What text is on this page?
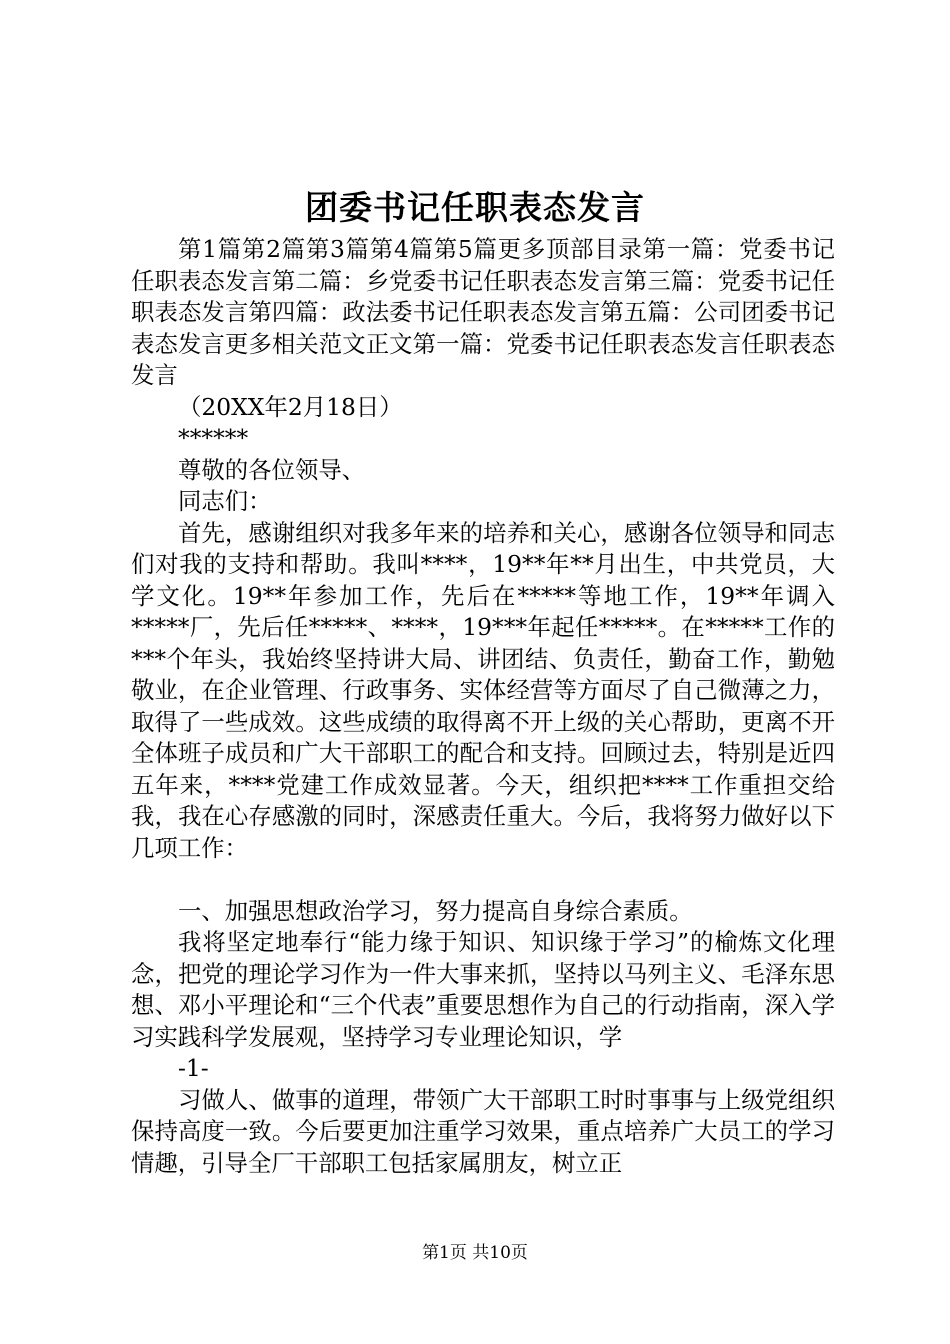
团委书记任职表态发言

第1篇第2篇第3篇第4篇第5篇更多顶部目录第一篇：党委书记任职表态发言第二篇：乡党委书记任职表态发言第三篇：党委书记任职表态发言第四篇：政法委书记任职表态发言第五篇：公司团委书记表态发言更多相关范文正文第一篇：党委书记任职表态发言任职表态发言

（20XX年2月18日）

******

尊敬的各位领导、

同志们：

首先，感谢组织对我多年来的培养和关心，感谢各位领导和同志们对我的支持和帮助。我叫****，19**年**月出生，中共党员，大学文化。19**年参加工作，先后在*****等地工作，19**年调入*****厂，先后任*****、****，19***年起任*****。在*****工作的***个年头，我始终坚持讲大局、讲团结、负责任，勤奋工作，勤勉敬业，在企业管理、行政事务、实体经营等方面尽了自己微薄之力，取得了一些成效。这些成绩的取得离不开上级的关心帮助，更离不开全体班子成员和广大干部职工的配合和支持。回顾过去，特别是近四五年来，****党建工作成效显著。今天，组织把****工作重担交给我，我在心存感激的同时，深感责任重大。今后，我将努力做好以下几项工作：

一、加强思想政治学习，努力提高自身综合素质。

我将坚定地奉行“能力缘于知识、知识缘于学习”的榆炼文化理念，把党的理论学习作为一件大事来抓，坚持以马列主义、毛泽东思想、邓小平理论和“三个代表”重要思想作为自己的行动指南，深入学习实践科学发展观，坚持学习专业理论知识，学

-1-

习做人、做事的道理，带领广大干部职工时时事事与上级党组织保持高度一致。今后要更加注重学习效果，重点培养广大员工的学习情趣，引导全厂干部职工包括家属朋友，树立正

第1页 共10页
